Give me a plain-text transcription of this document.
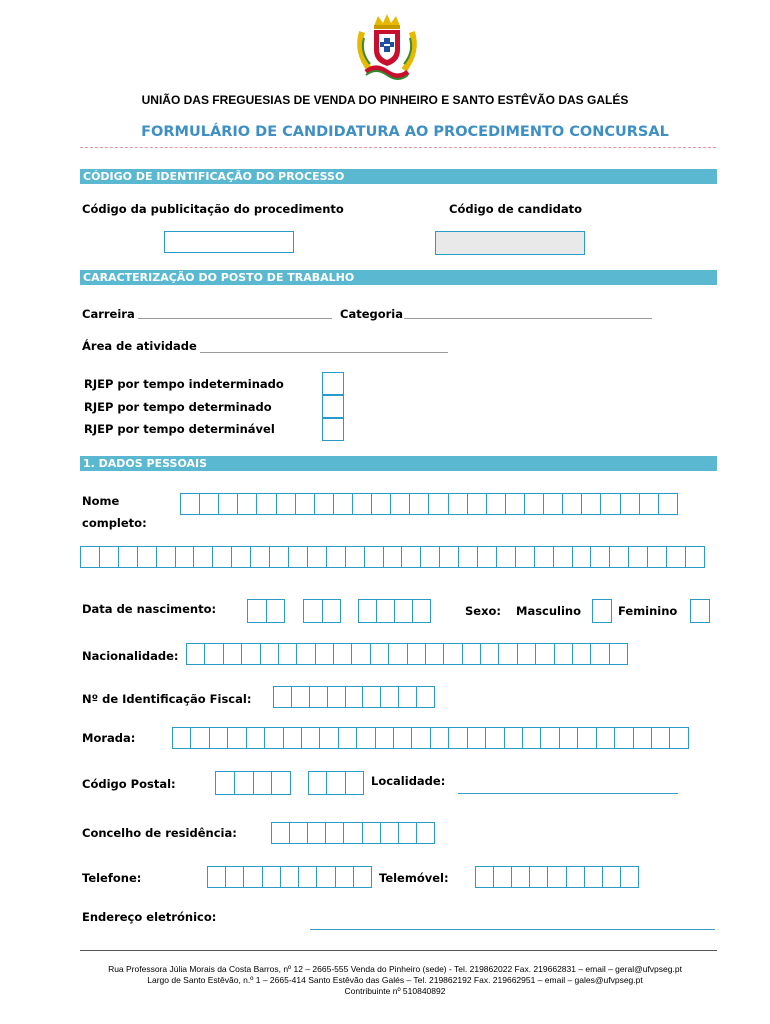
UNIÃO DAS FREGUESIAS DE VENDA DO PINHEIRO E SANTO ESTÊVÃO DAS GALÉS
FORMULÁRIO DE CANDIDATURA AO PROCEDIMENTO CONCURSAL
CÓDIGO DE IDENTIFICAÇÃO DO PROCESSO
Código da publicitação do procedimento	Código de candidato
CARACTERIZAÇÃO DO POSTO DE TRABALHO
Carreira	Categoria
Área de atividade
RJEP por tempo indeterminado
RJEP por tempo determinado
RJEP por tempo determinável
1. DADOS PESSOAIS
Nome
completo:
Data de nascimento:	Sexo: Masculino	Feminino
Nacionalidade:
Nº de Identificação Fiscal:
Morada:
Código Postal:	Localidade:
Concelho de residência:
Telefone:	Telemóvel:
Endereço eletrónico:
Rua Professora Júlia Morais da Costa Barros, nº 12 – 2665-555 Venda do Pinheiro (sede) - Tel. 219862022 Fax. 219662831 – email – geral@ufvpseg.pt
Largo de Santo Estêvão, n.º 1 – 2665-414 Santo Estêvão das Galés – Tel. 219862192 Fax. 219662951 – email – gales@ufvpseg.pt
Contribuinte nº 510840892
